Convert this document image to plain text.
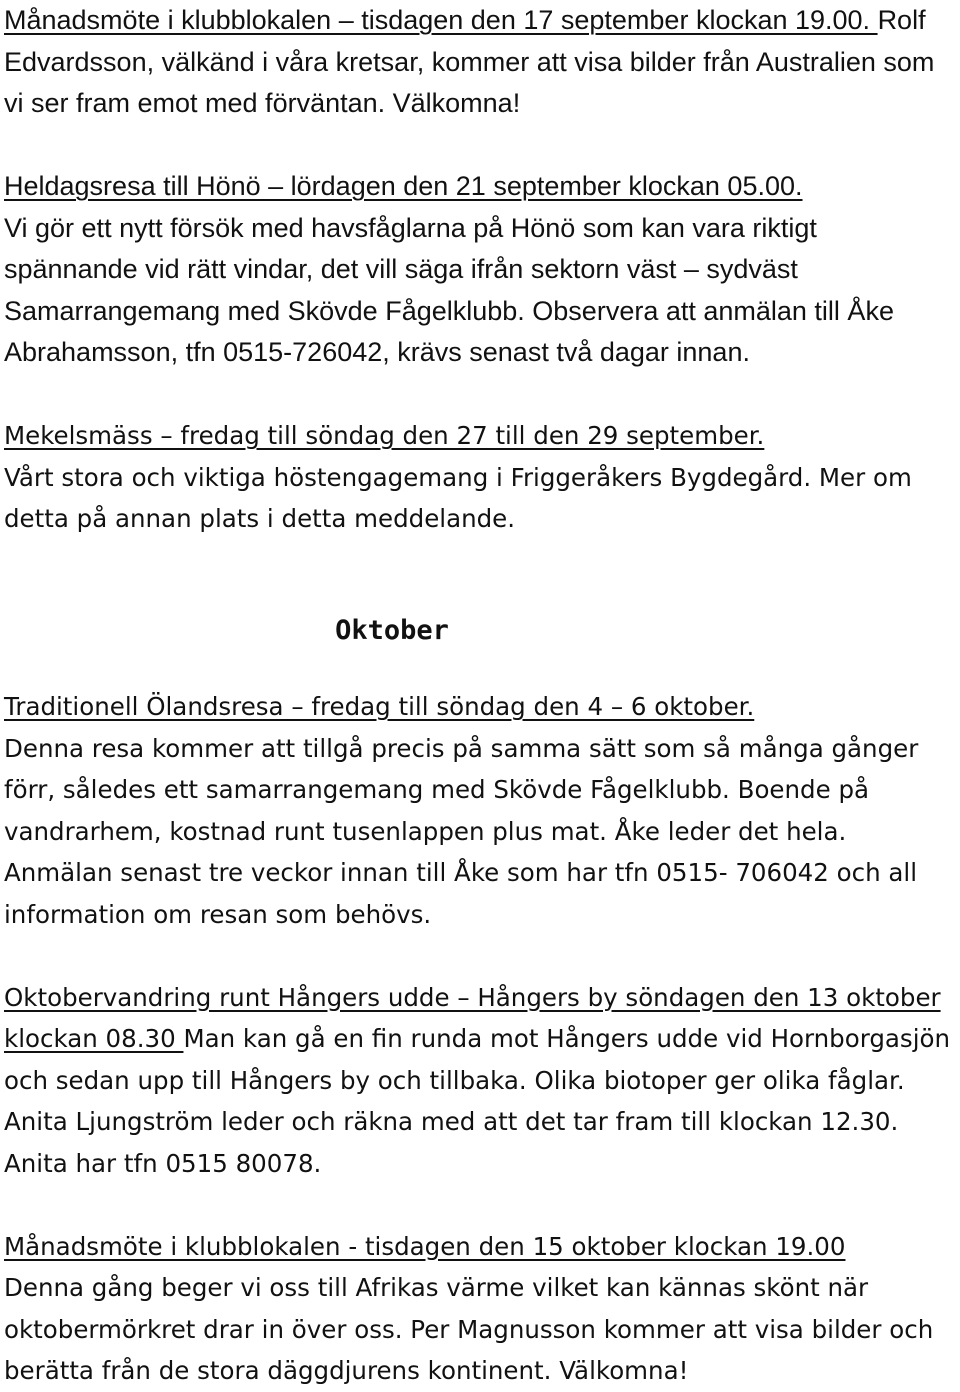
Månadsmöte i klubblokalen – tisdagen den 17 september klockan 19.00. Rolf Edvardsson, välkänd i våra kretsar, kommer att visa bilder från Australien som vi ser fram emot med förväntan. Välkomna!

Heldagsresa till Hönö – lördagen den 21 september klockan 05.00.
Vi gör ett nytt försök med havsfåglarna på Hönö som kan vara riktigt spännande vid rätt vindar, det vill säga ifrån sektorn väst – sydväst Samarrangemang med Skövde Fågelklubb. Observera att anmälan till Åke Abrahamsson, tfn 0515-726042, krävs senast två dagar innan.

Mekelsmäss – fredag till söndag den 27 till den 29 september.
Vårt stora och viktiga höstengagemang i Friggeråkers Bygdegård. Mer om detta på annan plats i detta meddelande.

Oktober

Traditionell Ölandsresa – fredag till söndag den 4 – 6 oktober.
Denna resa kommer att tillgå precis på samma sätt som så många gånger förr, således ett samarrangemang med Skövde Fågelklubb. Boende på vandrarhem, kostnad runt tusenlappen plus mat. Åke leder det hela. Anmälan senast tre veckor innan till Åke som har tfn 0515- 706042 och all information om resan som behövs.

Oktobervandring runt Hångers udde – Hångers by söndagen den 13 oktober klockan 08.30 Man kan gå en fin runda mot Hångers udde vid Hornborgasjön och sedan upp till Hångers by och tillbaka. Olika biotoper ger olika fåglar. Anita Ljungström leder och räkna med att det tar fram till klockan 12.30. Anita har tfn 0515 80078.

Månadsmöte i klubblokalen - tisdagen den 15 oktober klockan 19.00
Denna gång beger vi oss till Afrikas värme vilket kan kännas skönt när oktobermörkret drar in över oss. Per Magnusson kommer att visa bilder och berätta från de stora däggdjurens kontinent. Välkomna!
